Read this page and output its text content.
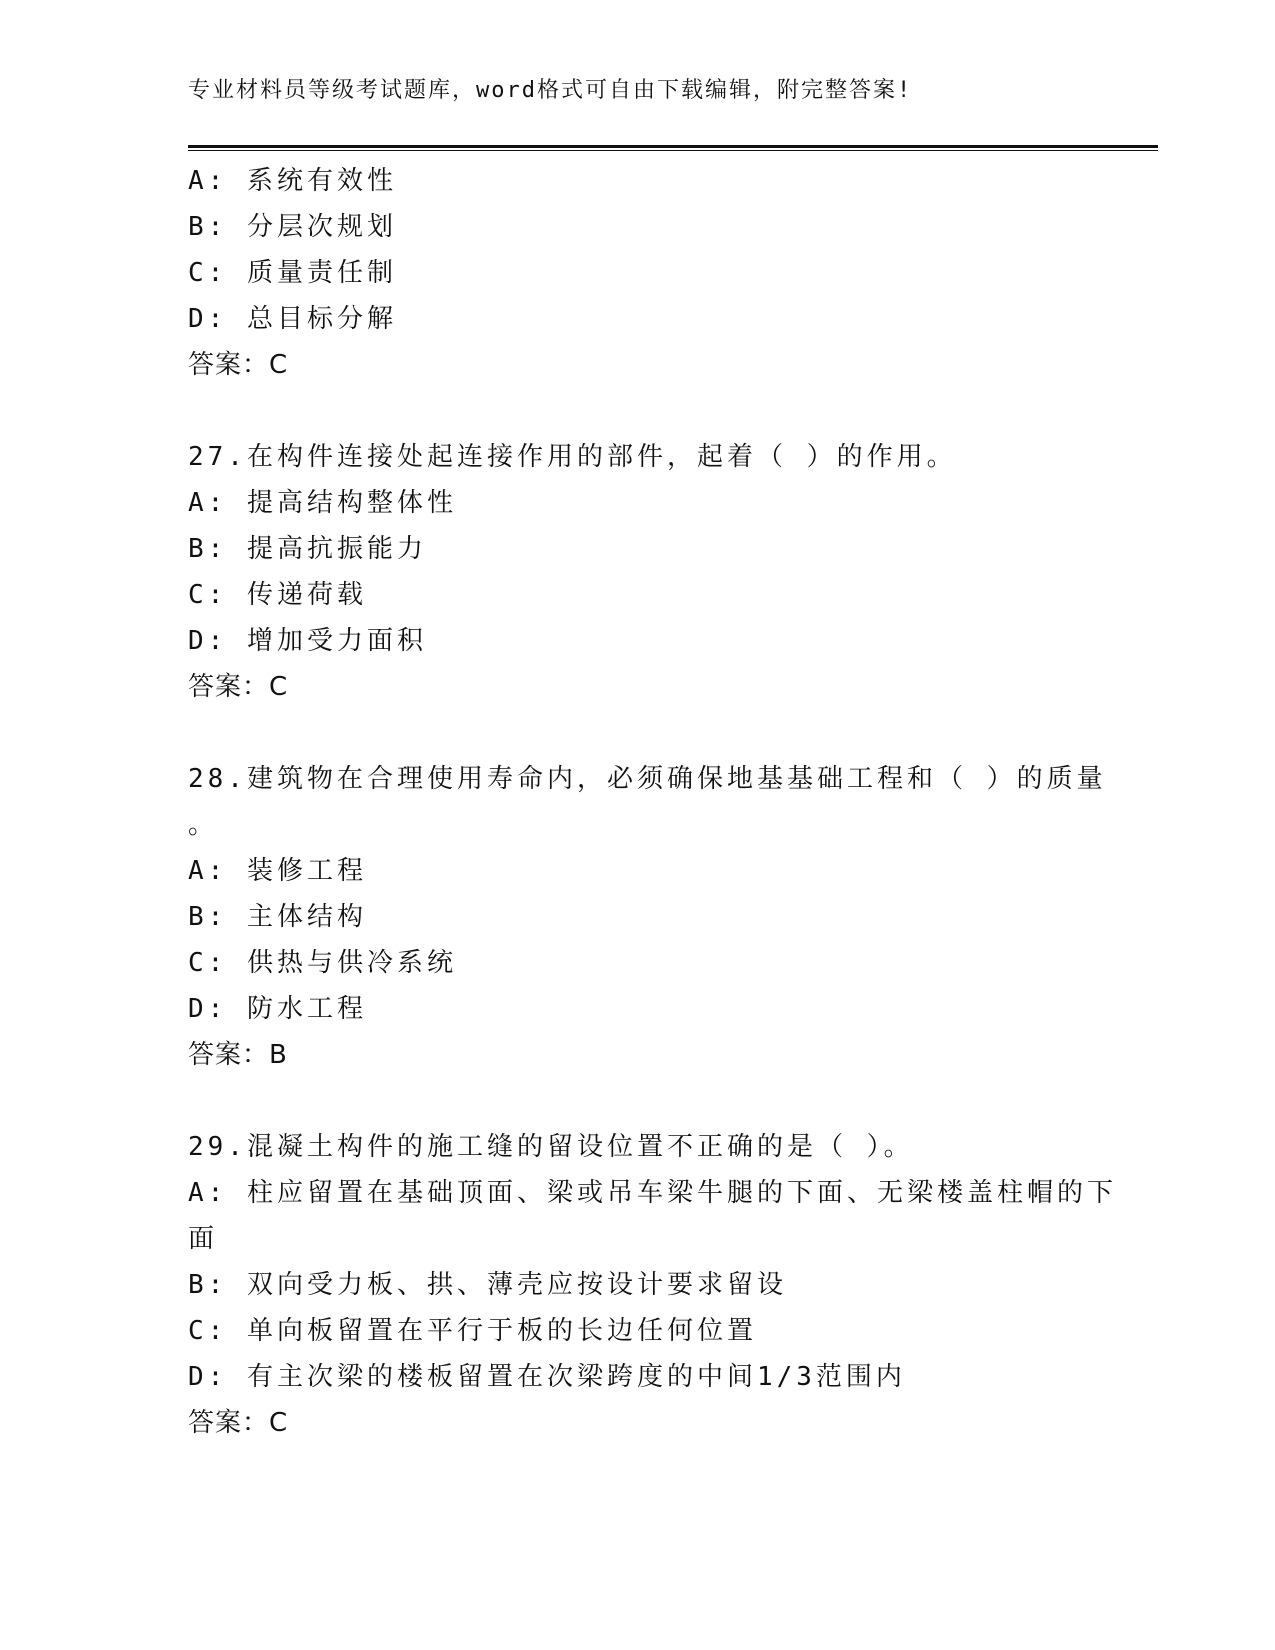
专业材料员等级考试题库，word格式可自由下载编辑，附完整答案!
A: 系统有效性
B: 分层次规划
C: 质量责任制
D: 总目标分解
答案：C
27.在构件连接处起连接作用的部件，起着（ ）的作用。
A: 提高结构整体性
B: 提高抗振能力
C: 传递荷载
D: 增加受力面积
答案：C
28.建筑物在合理使用寿命内，必须确保地基基础工程和（ ）的质量
。
A: 装修工程
B: 主体结构
C: 供热与供冷系统
D: 防水工程
答案：B
29.混凝土构件的施工缝的留设位置不正确的是（ ）。
A: 柱应留置在基础顶面、梁或吊车梁牛腿的下面、无梁楼盖柱帽的下
面
B: 双向受力板、拱、薄壳应按设计要求留设
C: 单向板留置在平行于板的长边任何位置
D: 有主次梁的楼板留置在次梁跨度的中间1/3范围内
答案：C
